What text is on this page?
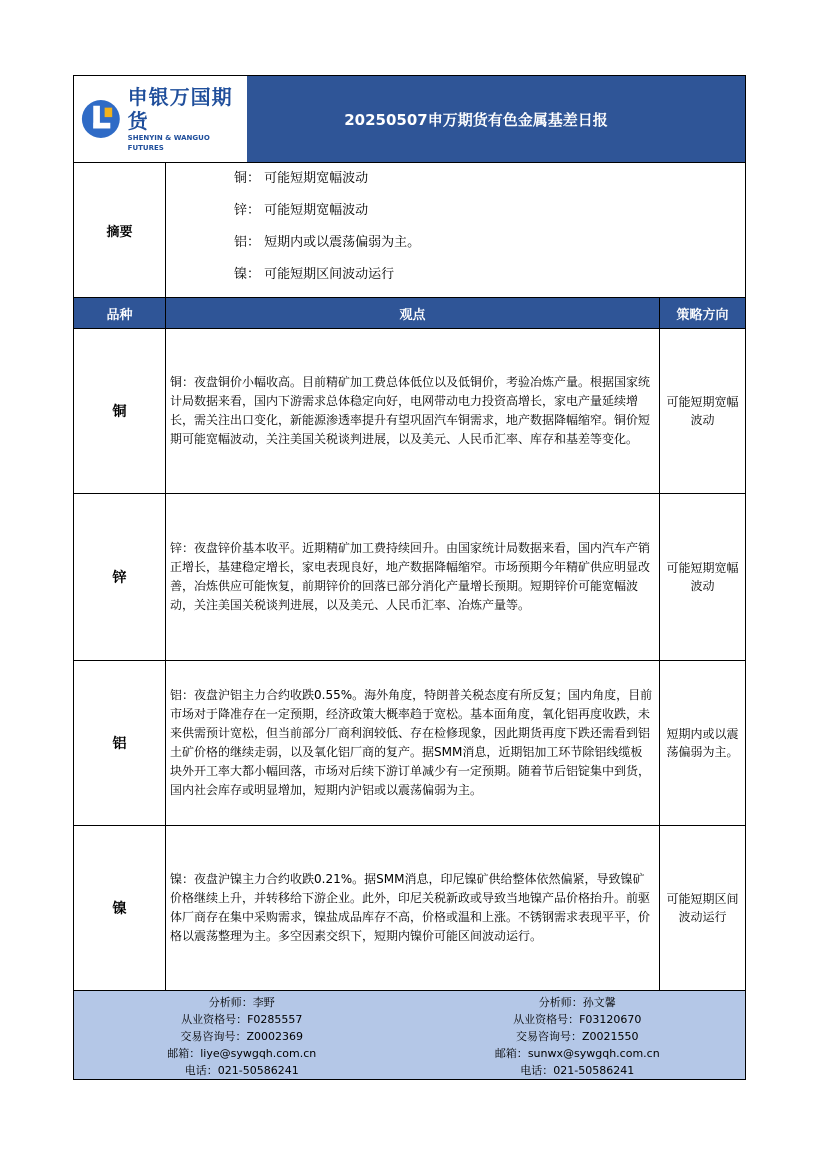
申银万国期货
SHENYIN & WANGUO FUTURES
20250507申万期货有色金属基差日报
摘要
铜： 可能短期宽幅波动
锌： 可能短期宽幅波动
铝： 短期内或以震荡偏弱为主。
镍： 可能短期区间波动运行
品种	观点	策略方向
铜
铜：夜盘铜价小幅收高。目前精矿加工费总体低位以及低铜价，考验冶炼产量。根据国家统计局数据来看，国内下游需求总体稳定向好，电网带动电力投资高增长，家电产量延续增长，需关注出口变化，新能源渗透率提升有望巩固汽车铜需求，地产数据降幅缩窄。铜价短期可能宽幅波动，关注美国关税谈判进展，以及美元、人民币汇率、库存和基差等变化。
可能短期宽幅波动
锌
锌：夜盘锌价基本收平。近期精矿加工费持续回升。由国家统计局数据来看，国内汽车产销正增长，基建稳定增长，家电表现良好，地产数据降幅缩窄。市场预期今年精矿供应明显改善，冶炼供应可能恢复，前期锌价的回落已部分消化产量增长预期。短期锌价可能宽幅波动，关注美国关税谈判进展，以及美元、人民币汇率、冶炼产量等。
可能短期宽幅波动
铝
铝：夜盘沪铝主力合约收跌0.55%。海外角度，特朗普关税态度有所反复；国内角度，目前市场对于降准存在一定预期，经济政策大概率趋于宽松。基本面角度，氧化铝再度收跌，未来供需预计宽松，但当前部分厂商利润较低、存在检修现象，因此期货再度下跌还需看到铝土矿价格的继续走弱，以及氧化铝厂商的复产。据SMM消息，近期铝加工环节除铝线缆板块外开工率大都小幅回落，市场对后续下游订单减少有一定预期。随着节后铝锭集中到货，国内社会库存或明显增加，短期内沪铝或以震荡偏弱为主。
短期内或以震荡偏弱为主。
镍
镍：夜盘沪镍主力合约收跌0.21%。据SMM消息，印尼镍矿供给整体依然偏紧，导致镍矿价格继续上升，并转移给下游企业。此外，印尼关税新政或导致当地镍产品价格抬升。前驱体厂商存在集中采购需求，镍盐成品库存不高，价格或温和上涨。不锈钢需求表现平平，价格以震荡整理为主。多空因素交织下，短期内镍价可能区间波动运行。
可能短期区间波动运行
分析师： 李野
从业资格号： F0285557
交易咨询号： Z0002369
邮箱： liye@sywgqh.com.cn
电话： 021-50586241
分析师： 孙文馨
从业资格号： F03120670
交易咨询号： Z0021550
邮箱： sunwx@sywgqh.com.cn
电话： 021-50586241
